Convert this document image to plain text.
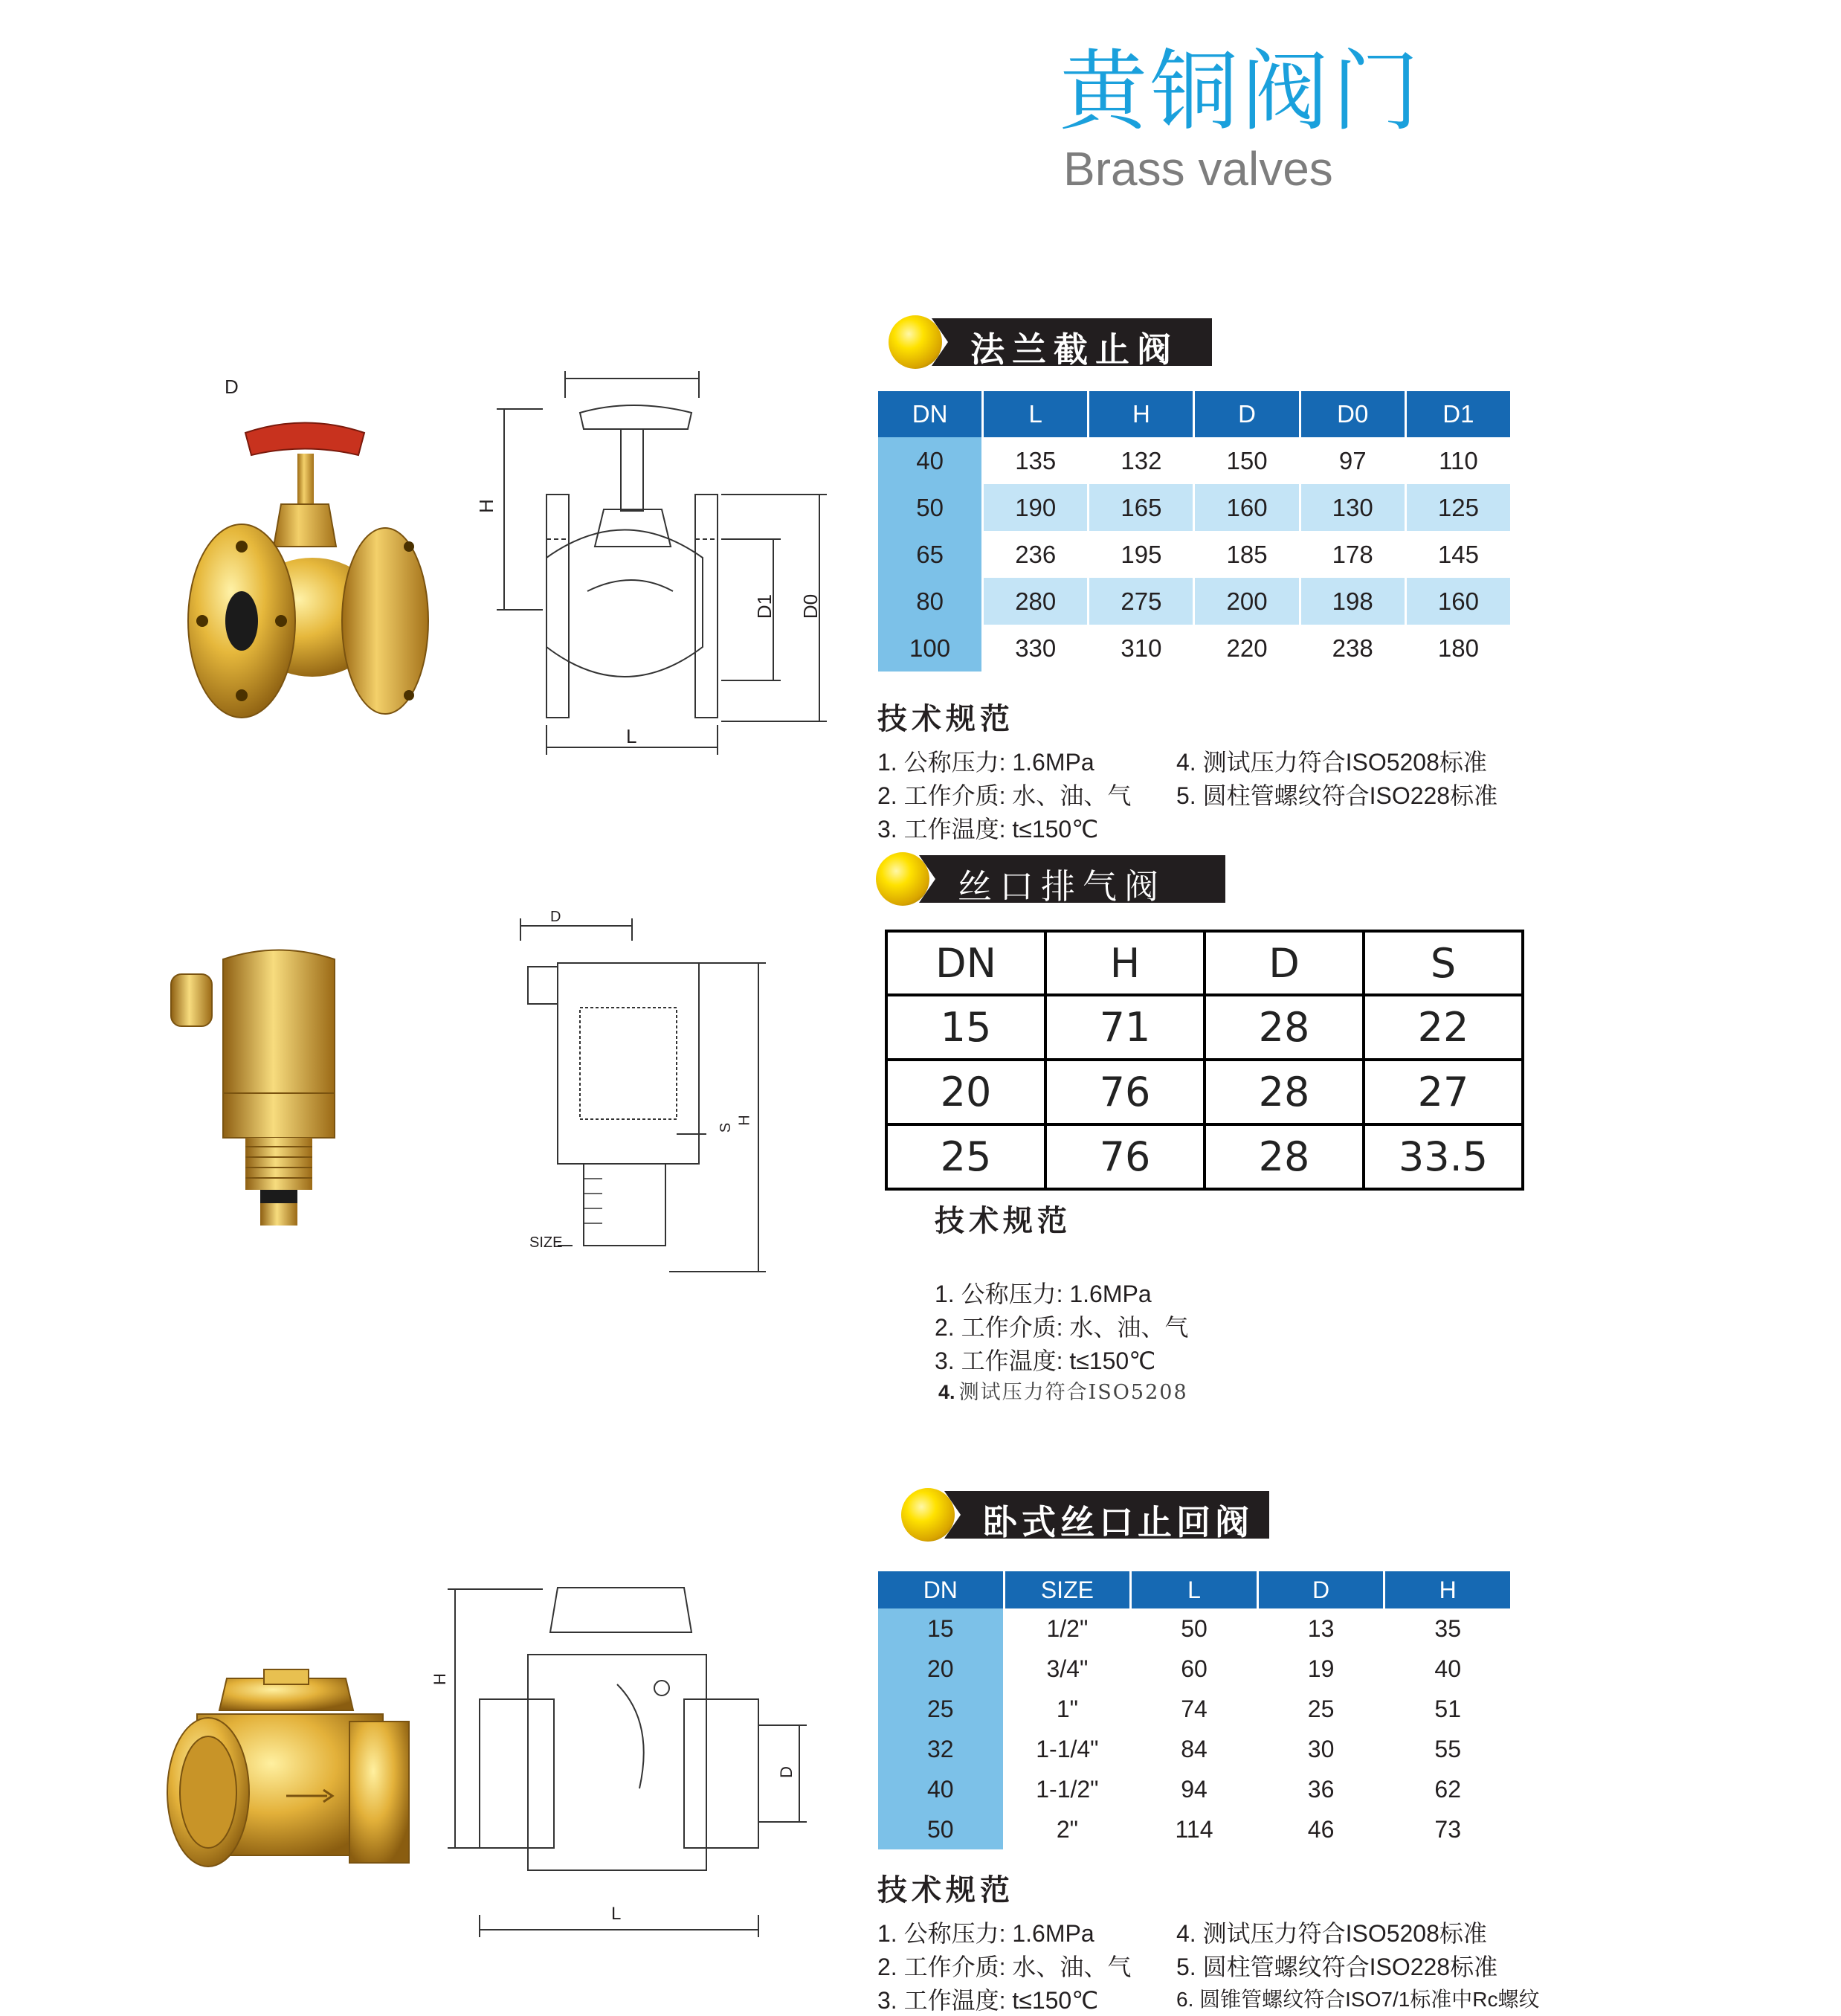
黄铜阀门
Brass valves
D
H
L
D1 D0
法兰截止阀
DN	L	H	D	D0	D1
40	135	132	150	97	110
50	190	165	160	130	125
65	236	195	185	178	145
80	280	275	200	198	160
100	330	310	220	238	180
技术规范
1. 公称压力: 1.6MPa
2. 工作介质: 水、油、气
3. 工作温度: t≤150℃
4. 测试压力符合ISO5208标准
5. 圆柱管螺纹符合ISO228标准
D
S
H
SIZE
丝口排气阀
DN	H	D	S
15	71	28	22
20	76	28	27
25	76	28	33.5
技术规范
1. 公称压力: 1.6MPa
2. 工作介质: 水、油、气
3. 工作温度: t≤150℃
4. 测试压力符合ISO5208
H
L
D
卧式丝口止回阀
DN	SIZE	L	D	H
15	1/2"	50	13	35
20	3/4"	60	19	40
25	1"	74	25	51
32	1-1/4"	84	30	55
40	1-1/2"	94	36	62
50	2"	114	46	73
技术规范
1. 公称压力: 1.6MPa
2. 工作介质: 水、油、气
3. 工作温度: t≤150℃
4. 测试压力符合ISO5208标准
5. 圆柱管螺纹符合ISO228标准
6. 圆锥管螺纹符合ISO7/1标准中Rc螺纹
